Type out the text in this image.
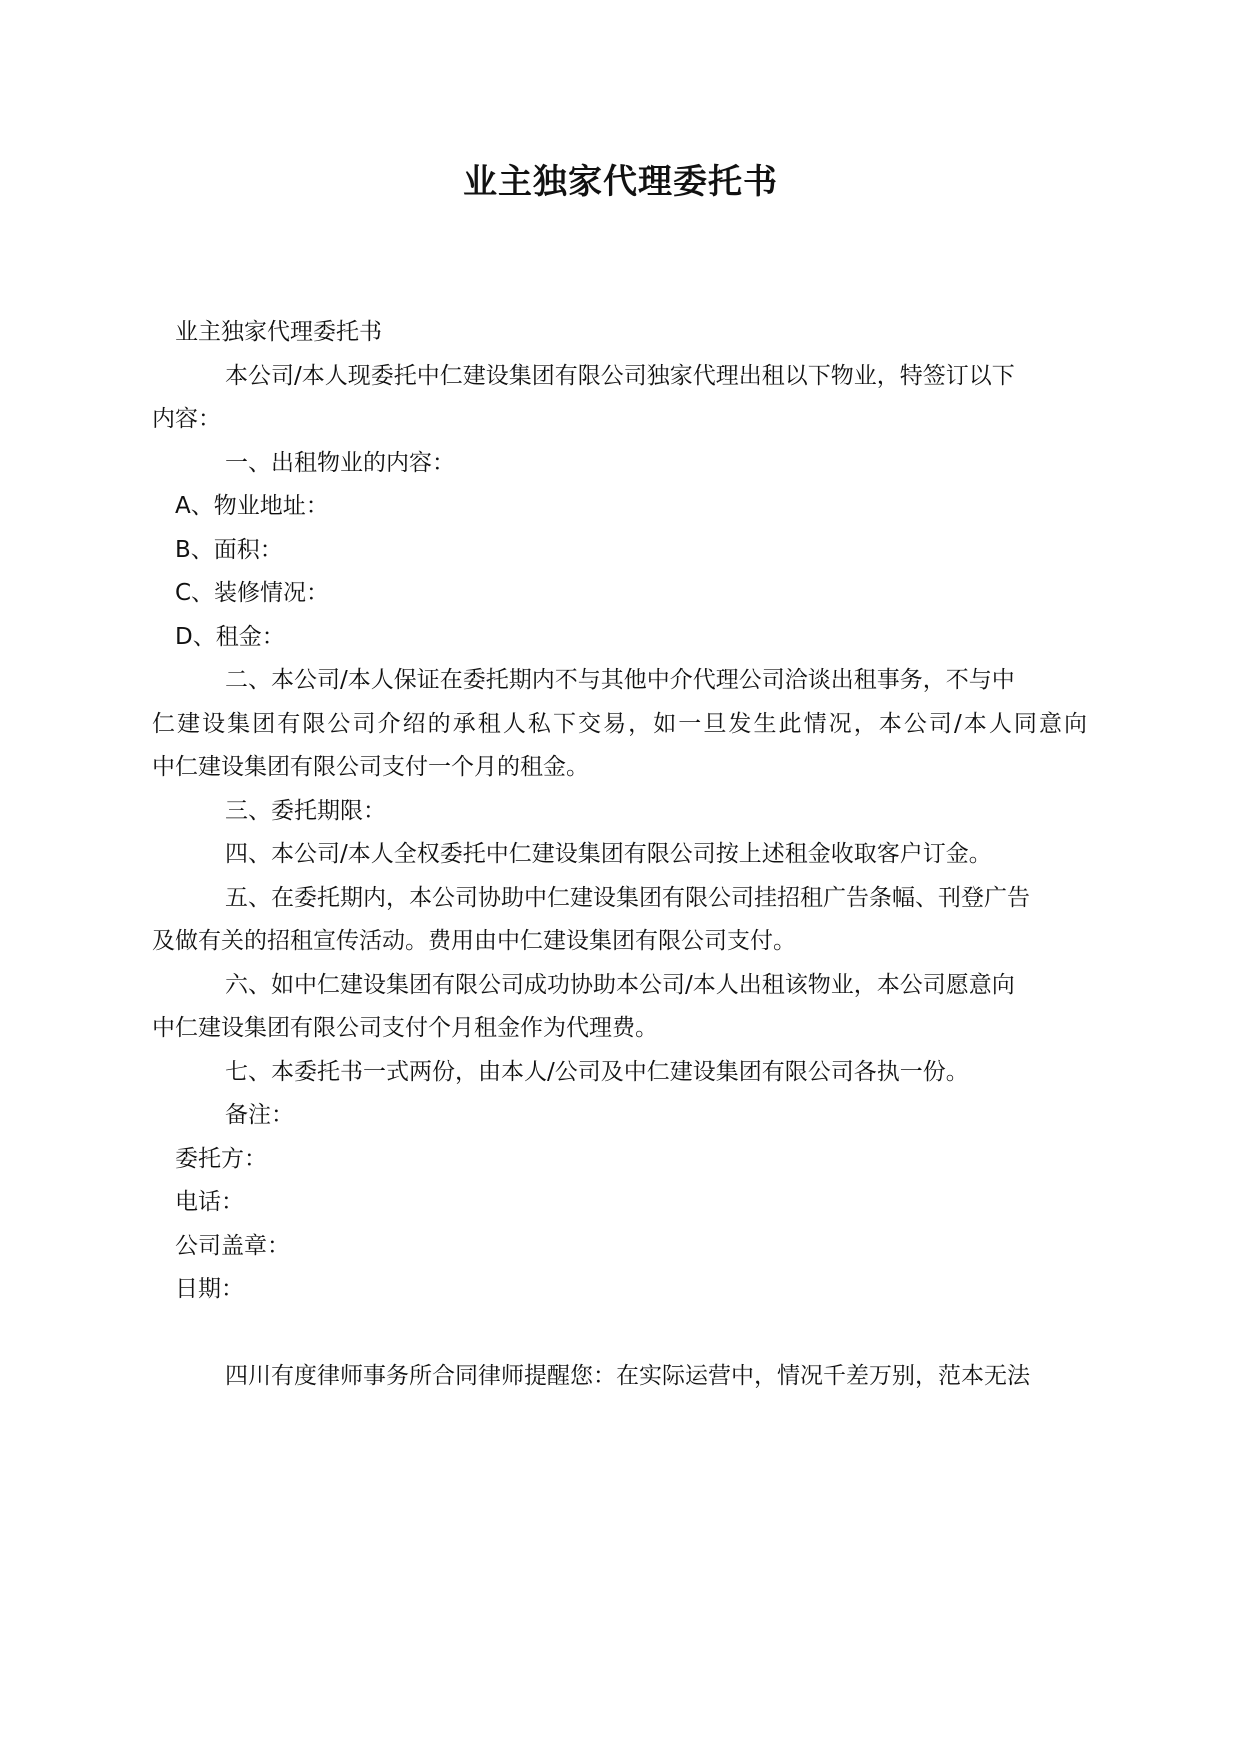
业主独家代理委托书

业主独家代理委托书

本公司/本人现委托中仁建设集团有限公司独家代理出租以下物业，特签订以下

内容：

一、出租物业的内容：

A、物业地址：

B、面积：

C、装修情况：

D、租金：

二、本公司/本人保证在委托期内不与其他中介代理公司洽谈出租事务，不与中

仁建设集团有限公司介绍的承租人私下交易，如一旦发生此情况，本公司/本人同意向

中仁建设集团有限公司支付一个月的租金。

三、委托期限：

四、本公司/本人全权委托中仁建设集团有限公司按上述租金收取客户订金。

五、在委托期内，本公司协助中仁建设集团有限公司挂招租广告条幅、刊登广告

及做有关的招租宣传活动。费用由中仁建设集团有限公司支付。

六、如中仁建设集团有限公司成功协助本公司/本人出租该物业，本公司愿意向

中仁建设集团有限公司支付个月租金作为代理费。

七、本委托书一式两份，由本人/公司及中仁建设集团有限公司各执一份。

备注：

委托方：

电话：

公司盖章：

日期：

四川有度律师事务所合同律师提醒您：在实际运营中，情况千差万别，范本无法
